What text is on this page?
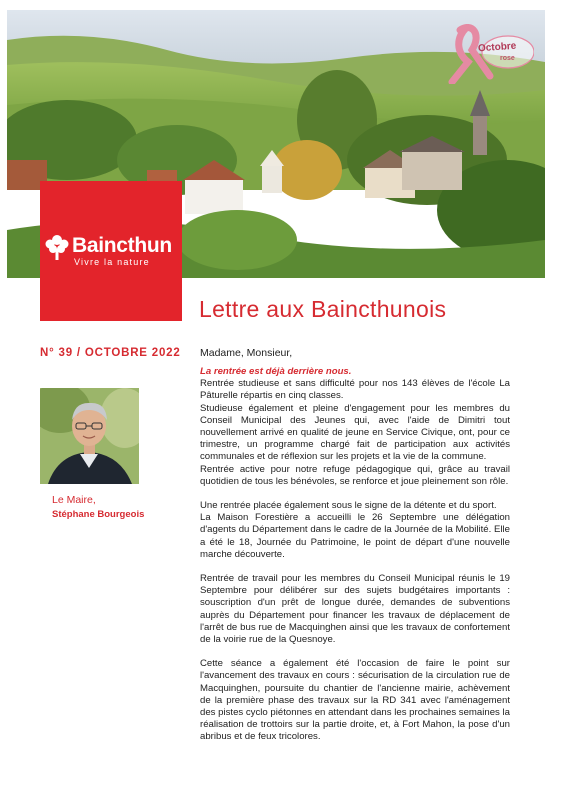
Octobre
rose
Baincthun
Vivre la nature
Lettre aux Baincthunois
N° 39 / OCTOBRE 2022
Le Maire,
Stéphane Bourgeois
Madame, Monsieur,

La rentrée est déjà derrière nous.

Rentrée studieuse et sans difficulté pour nos 143 élèves de l'école La Pâturelle répartis en cinq classes.

Studieuse également et pleine d'engagement pour les membres du Conseil Municipal des Jeunes qui, avec l'aide de Dimitri tout nouvellement arrivé en qualité de jeune en Service Civique, ont, pour ce trimestre, un programme chargé fait de participation aux activités communales et de réflexion sur les projets et la vie de la commune.

Rentrée active pour notre refuge pédagogique qui, grâce au travail quotidien de tous les bénévoles, se renforce et joue pleinement son rôle.

Une rentrée placée également sous le signe de la détente et du sport.

La Maison Forestière a accueilli le 26 Septembre une délégation d'agents du Département dans le cadre de la Journée de la Mobilité. Elle a été le 18, Journée du Patrimoine, le point de départ d'une nouvelle marche découverte.

Rentrée de travail pour les membres du Conseil Municipal réunis le 19 Septembre pour délibérer sur des sujets budgétaires importants : souscription d'un prêt de longue durée, demandes de subventions auprès du Département pour financer les travaux de déplacement de l'arrêt de bus rue de Macquinghen ainsi que les travaux de confortement de la voirie rue de la Quesnoye.

Cette séance a également été l'occasion de faire le point sur l'avancement des travaux en cours : sécurisation de la circulation rue de Macquinghen, poursuite du chantier de l'ancienne mairie, achèvement de la première phase des travaux sur la RD 341 avec l'aménagement des pistes cyclo piétonnes en attendant dans les prochaines semaines la réalisation de trottoirs sur la partie droite, et, à Fort Mahon, la pose d'un abribus et de feux tricolores.
